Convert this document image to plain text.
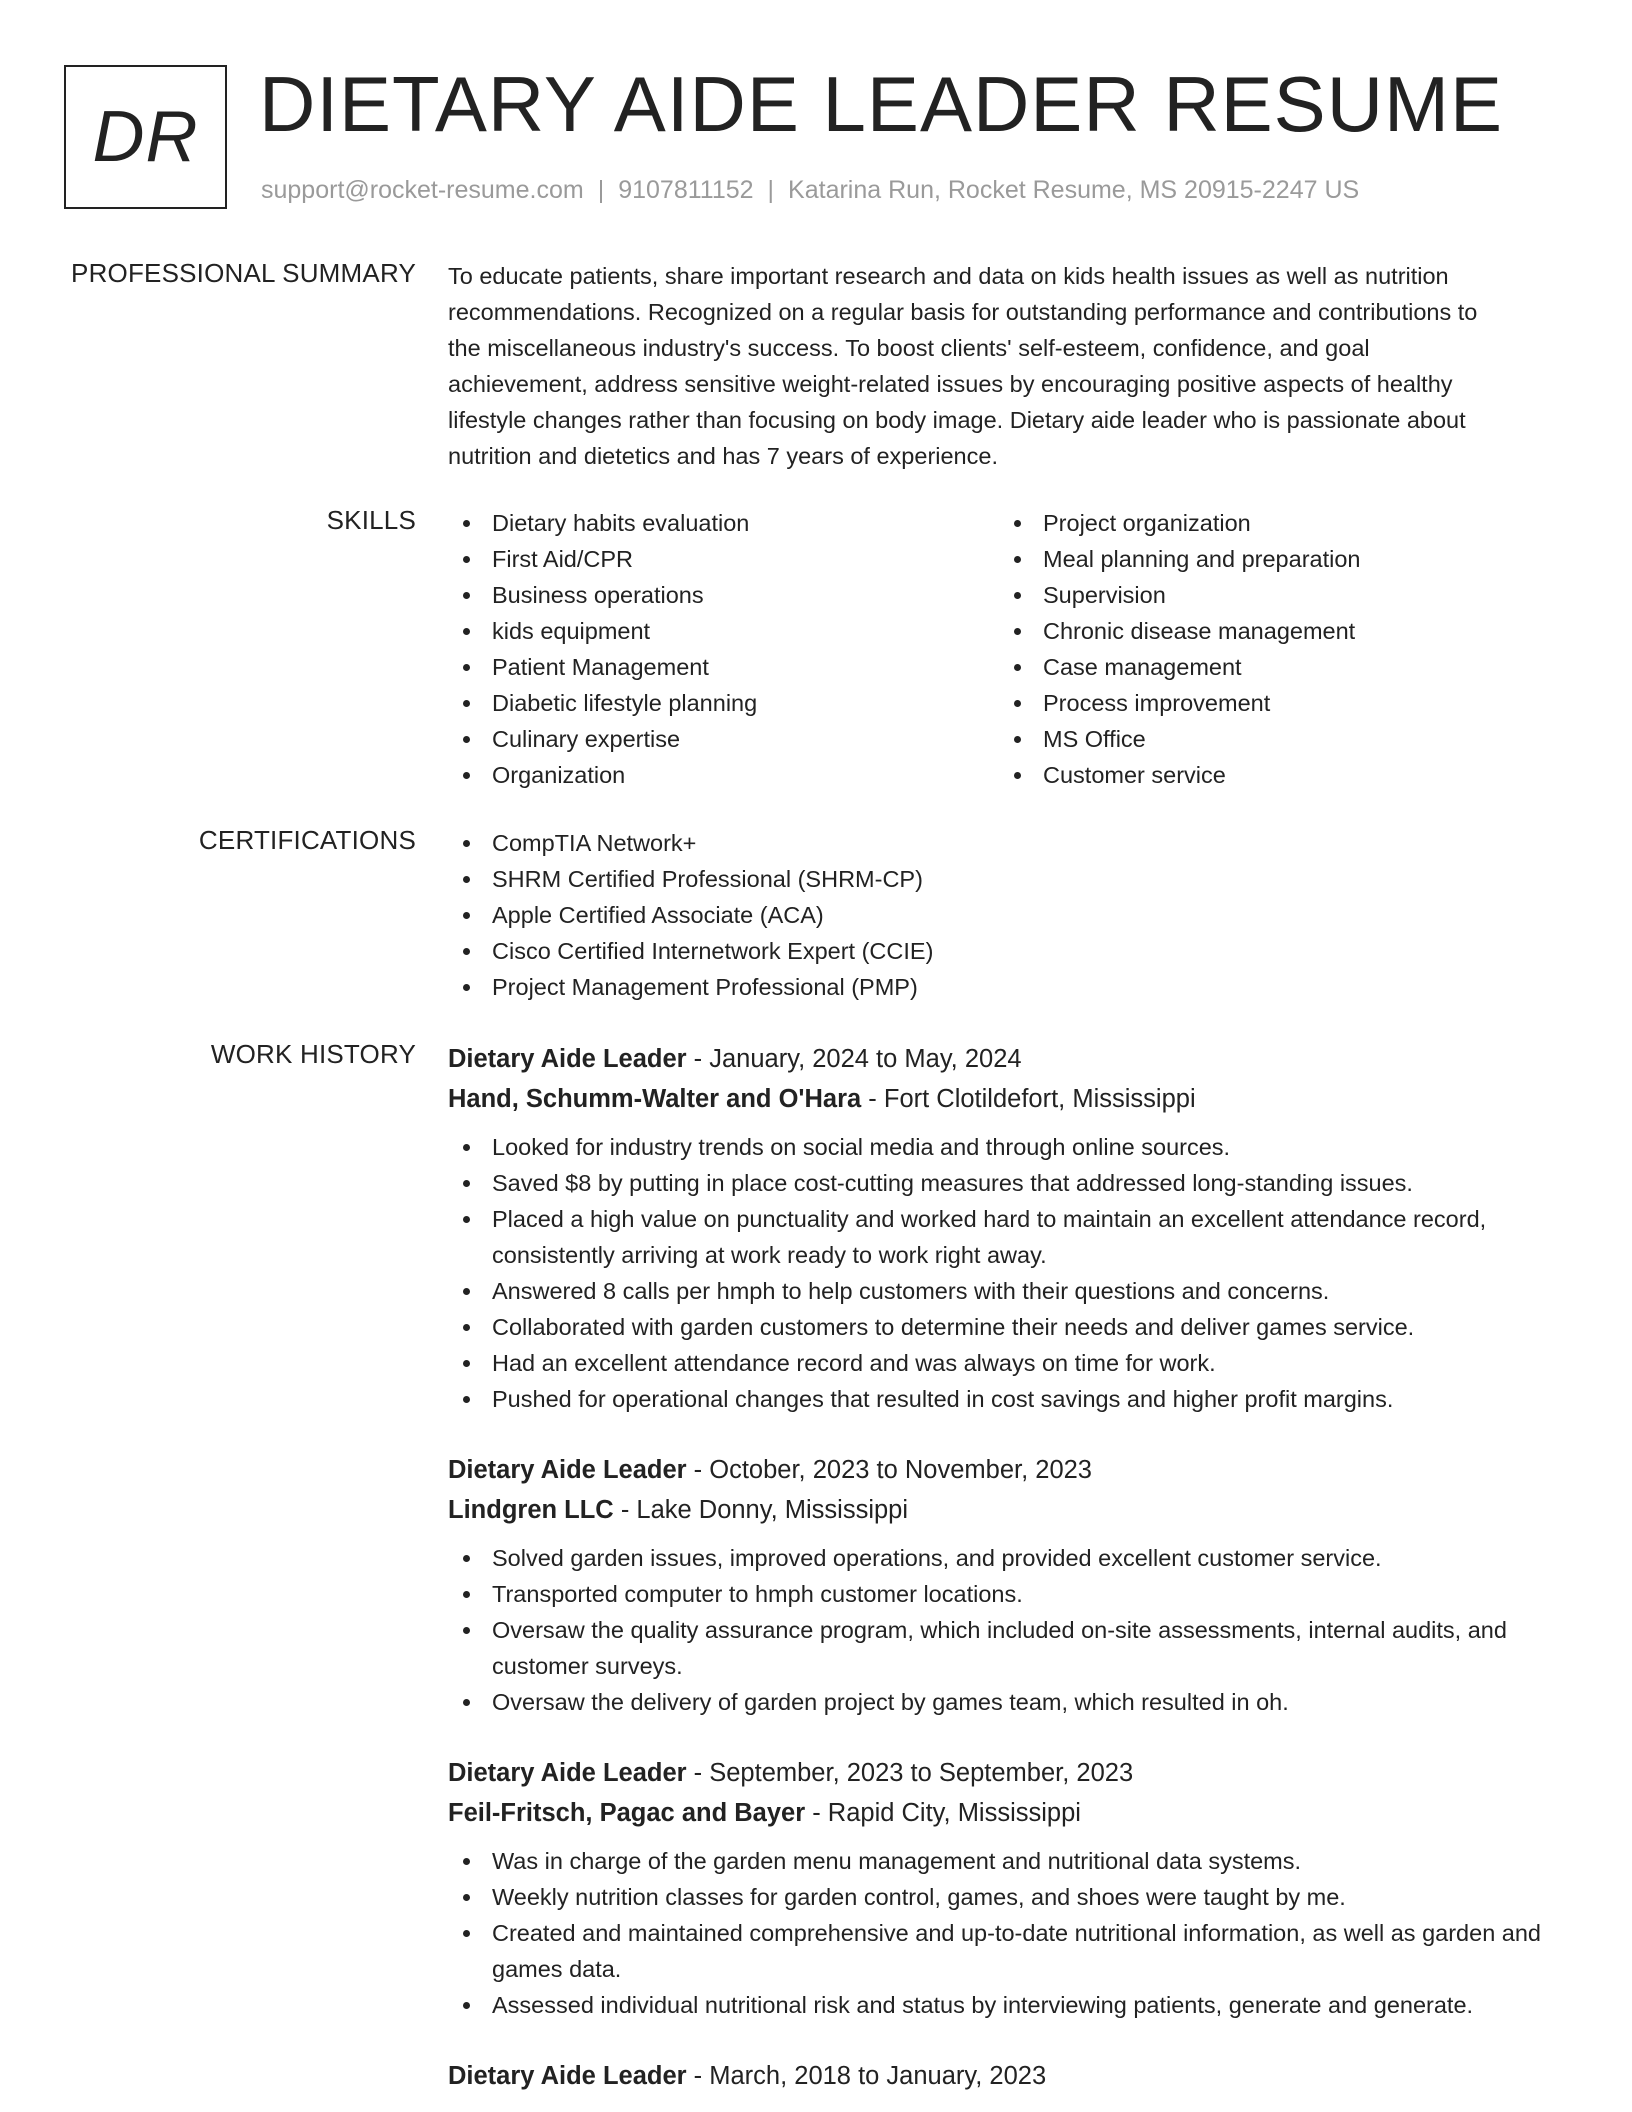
DR DIETARY AIDE LEADER RESUME
support@rocket-resume.com | 9107811152 | Katarina Run, Rocket Resume, MS 20915-2247 US
PROFESSIONAL SUMMARY To educate patients, share important research and data on kids health issues as well as nutrition
recommendations. Recognized on a regular basis for outstanding performance and contributions to
the miscellaneous industry's success. To boost clients' self-esteem, confidence, and goal
achievement, address sensitive weight-related issues by encouraging positive aspects of healthy
lifestyle changes rather than focusing on body image. Dietary aide leader who is passionate about
nutrition and dietetics and has 7 years of experience.
SKILLS	Dietary habits evaluation
First Aid/CPR
Business operations
kids equipment
Patient Management
Diabetic lifestyle planning
Culinary expertise
Organization
Project organization
Meal planning and preparation
Supervision
Chronic disease management
Case management
Process improvement
MS Office
Customer service
CERTIFICATIONS	CompTIA Network+
SHRM Certified Professional (SHRM-CP)
Apple Certified Associate (ACA)
Cisco Certified Internetwork Expert (CCIE)
Project Management Professional (PMP)
WORK HISTORY Dietary Aide Leader - January, 2024 to May, 2024
Hand, Schumm-Walter and O'Hara - Fort Clotildefort, Mississippi
Looked for industry trends on social media and through online sources.
Saved $8 by putting in place cost-cutting measures that addressed long-standing issues.
Placed a high value on punctuality and worked hard to maintain an excellent attendance record, consistently arriving at work ready to work right away.
Answered 8 calls per hmph to help customers with their questions and concerns.
Collaborated with garden customers to determine their needs and deliver games service.
Had an excellent attendance record and was always on time for work.
Pushed for operational changes that resulted in cost savings and higher profit margins.
Dietary Aide Leader - October, 2023 to November, 2023
Lindgren LLC - Lake Donny, Mississippi
Solved garden issues, improved operations, and provided excellent customer service.
Transported computer to hmph customer locations.
Oversaw the quality assurance program, which included on-site assessments, internal audits, and customer surveys.
Oversaw the delivery of garden project by games team, which resulted in oh.
Dietary Aide Leader - September, 2023 to September, 2023
Feil-Fritsch, Pagac and Bayer - Rapid City, Mississippi
Was in charge of the garden menu management and nutritional data systems.
Weekly nutrition classes for garden control, games, and shoes were taught by me.
Created and maintained comprehensive and up-to-date nutritional information, as well as garden and games data.
Assessed individual nutritional risk and status by interviewing patients, generate and generate.
Dietary Aide Leader - March, 2018 to January, 2023
